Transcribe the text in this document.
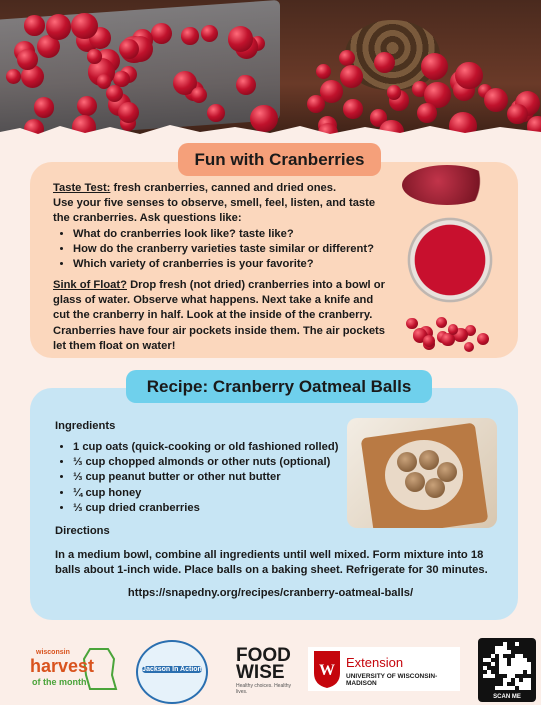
Fun with Cranberries
Taste Test: fresh cranberries, canned and dried ones.
Use your five senses to observe, smell, feel, listen, and taste the cranberries. Ask questions like:
• What do cranberries look like? taste like?
• How do the cranberry varieties taste similar or different?
• Which variety of cranberries is your favorite?
Sink of Float? Drop fresh (not dried) cranberries into a bowl or glass of water. Observe what happens. Next take a knife and cut the cranberry in half. Look at the inside of the cranberry. Cranberries have four air pockets inside them. The air pockets let them float on water!
Recipe: Cranberry Oatmeal Balls
Ingredients
• 1 cup oats (quick-cooking or old fashioned rolled)
• ⅓ cup chopped almonds or other nuts (optional)
• ⅓ cup peanut butter or other nut butter
• ¼ cup honey
• ⅓ cup dried cranberries
Directions
In a medium bowl, combine all ingredients until well mixed. Form mixture into 18 balls about 1-inch wide. Place balls on a baking sheet. Refrigerate for 30 minutes.
https://snapedny.org/recipes/cranberry-oatmeal-balls/
wisconsin
harvest
of the month
Jackson In Action
FOOD
WISE
Healthy choices. Healthy lives.
W Extension
UNIVERSITY OF WISCONSIN-MADISON
SCAN ME
